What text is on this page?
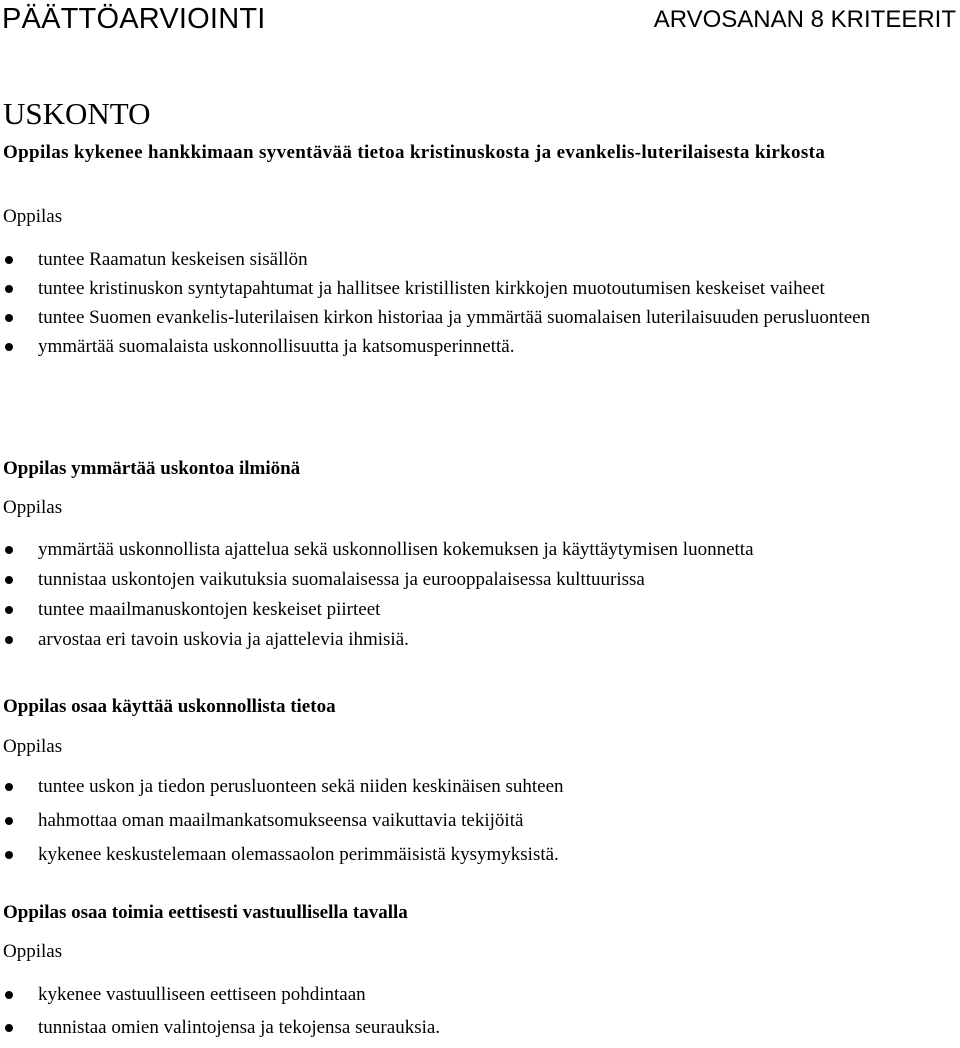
PÄÄTTÖARVIOINTI	ARVOSANAN 8 KRITEERIT
USKONTO
Oppilas kykenee hankkimaan syventävää tietoa kristinuskosta ja evankelis-luterilaisesta kirkosta
Oppilas
tuntee Raamatun keskeisen sisällön
tuntee kristinuskon syntytapahtumat ja hallitsee kristillisten kirkkojen muotoutumisen keskeiset vaiheet
tuntee Suomen evankelis-luterilaisen kirkon historiaa ja ymmärtää suomalaisen luterilaisuuden perusluonteen
ymmärtää suomalaista uskonnollisuutta ja katsomusperinnettä.
Oppilas ymmärtää uskontoa ilmiönä
Oppilas
ymmärtää uskonnollista ajattelua sekä uskonnollisen kokemuksen ja käyttäytymisen luonnetta
tunnistaa uskontojen vaikutuksia suomalaisessa ja eurooppalaisessa kulttuurissa
tuntee maailmanuskontojen keskeiset piirteet
arvostaa eri tavoin uskovia ja ajattelevia ihmisiä.
Oppilas osaa käyttää uskonnollista tietoa
Oppilas
tuntee uskon ja tiedon perusluonteen sekä niiden keskinäisen suhteen
hahmottaa oman maailmankatsomukseensa vaikuttavia tekijöitä
kykenee keskustelemaan olemassaolon perimmäisistä kysymyksistä.
Oppilas osaa toimia eettisesti vastuullisella tavalla
Oppilas
kykenee vastuulliseen eettiseen pohdintaan
tunnistaa omien valintojensa ja tekojensa seurauksia.
